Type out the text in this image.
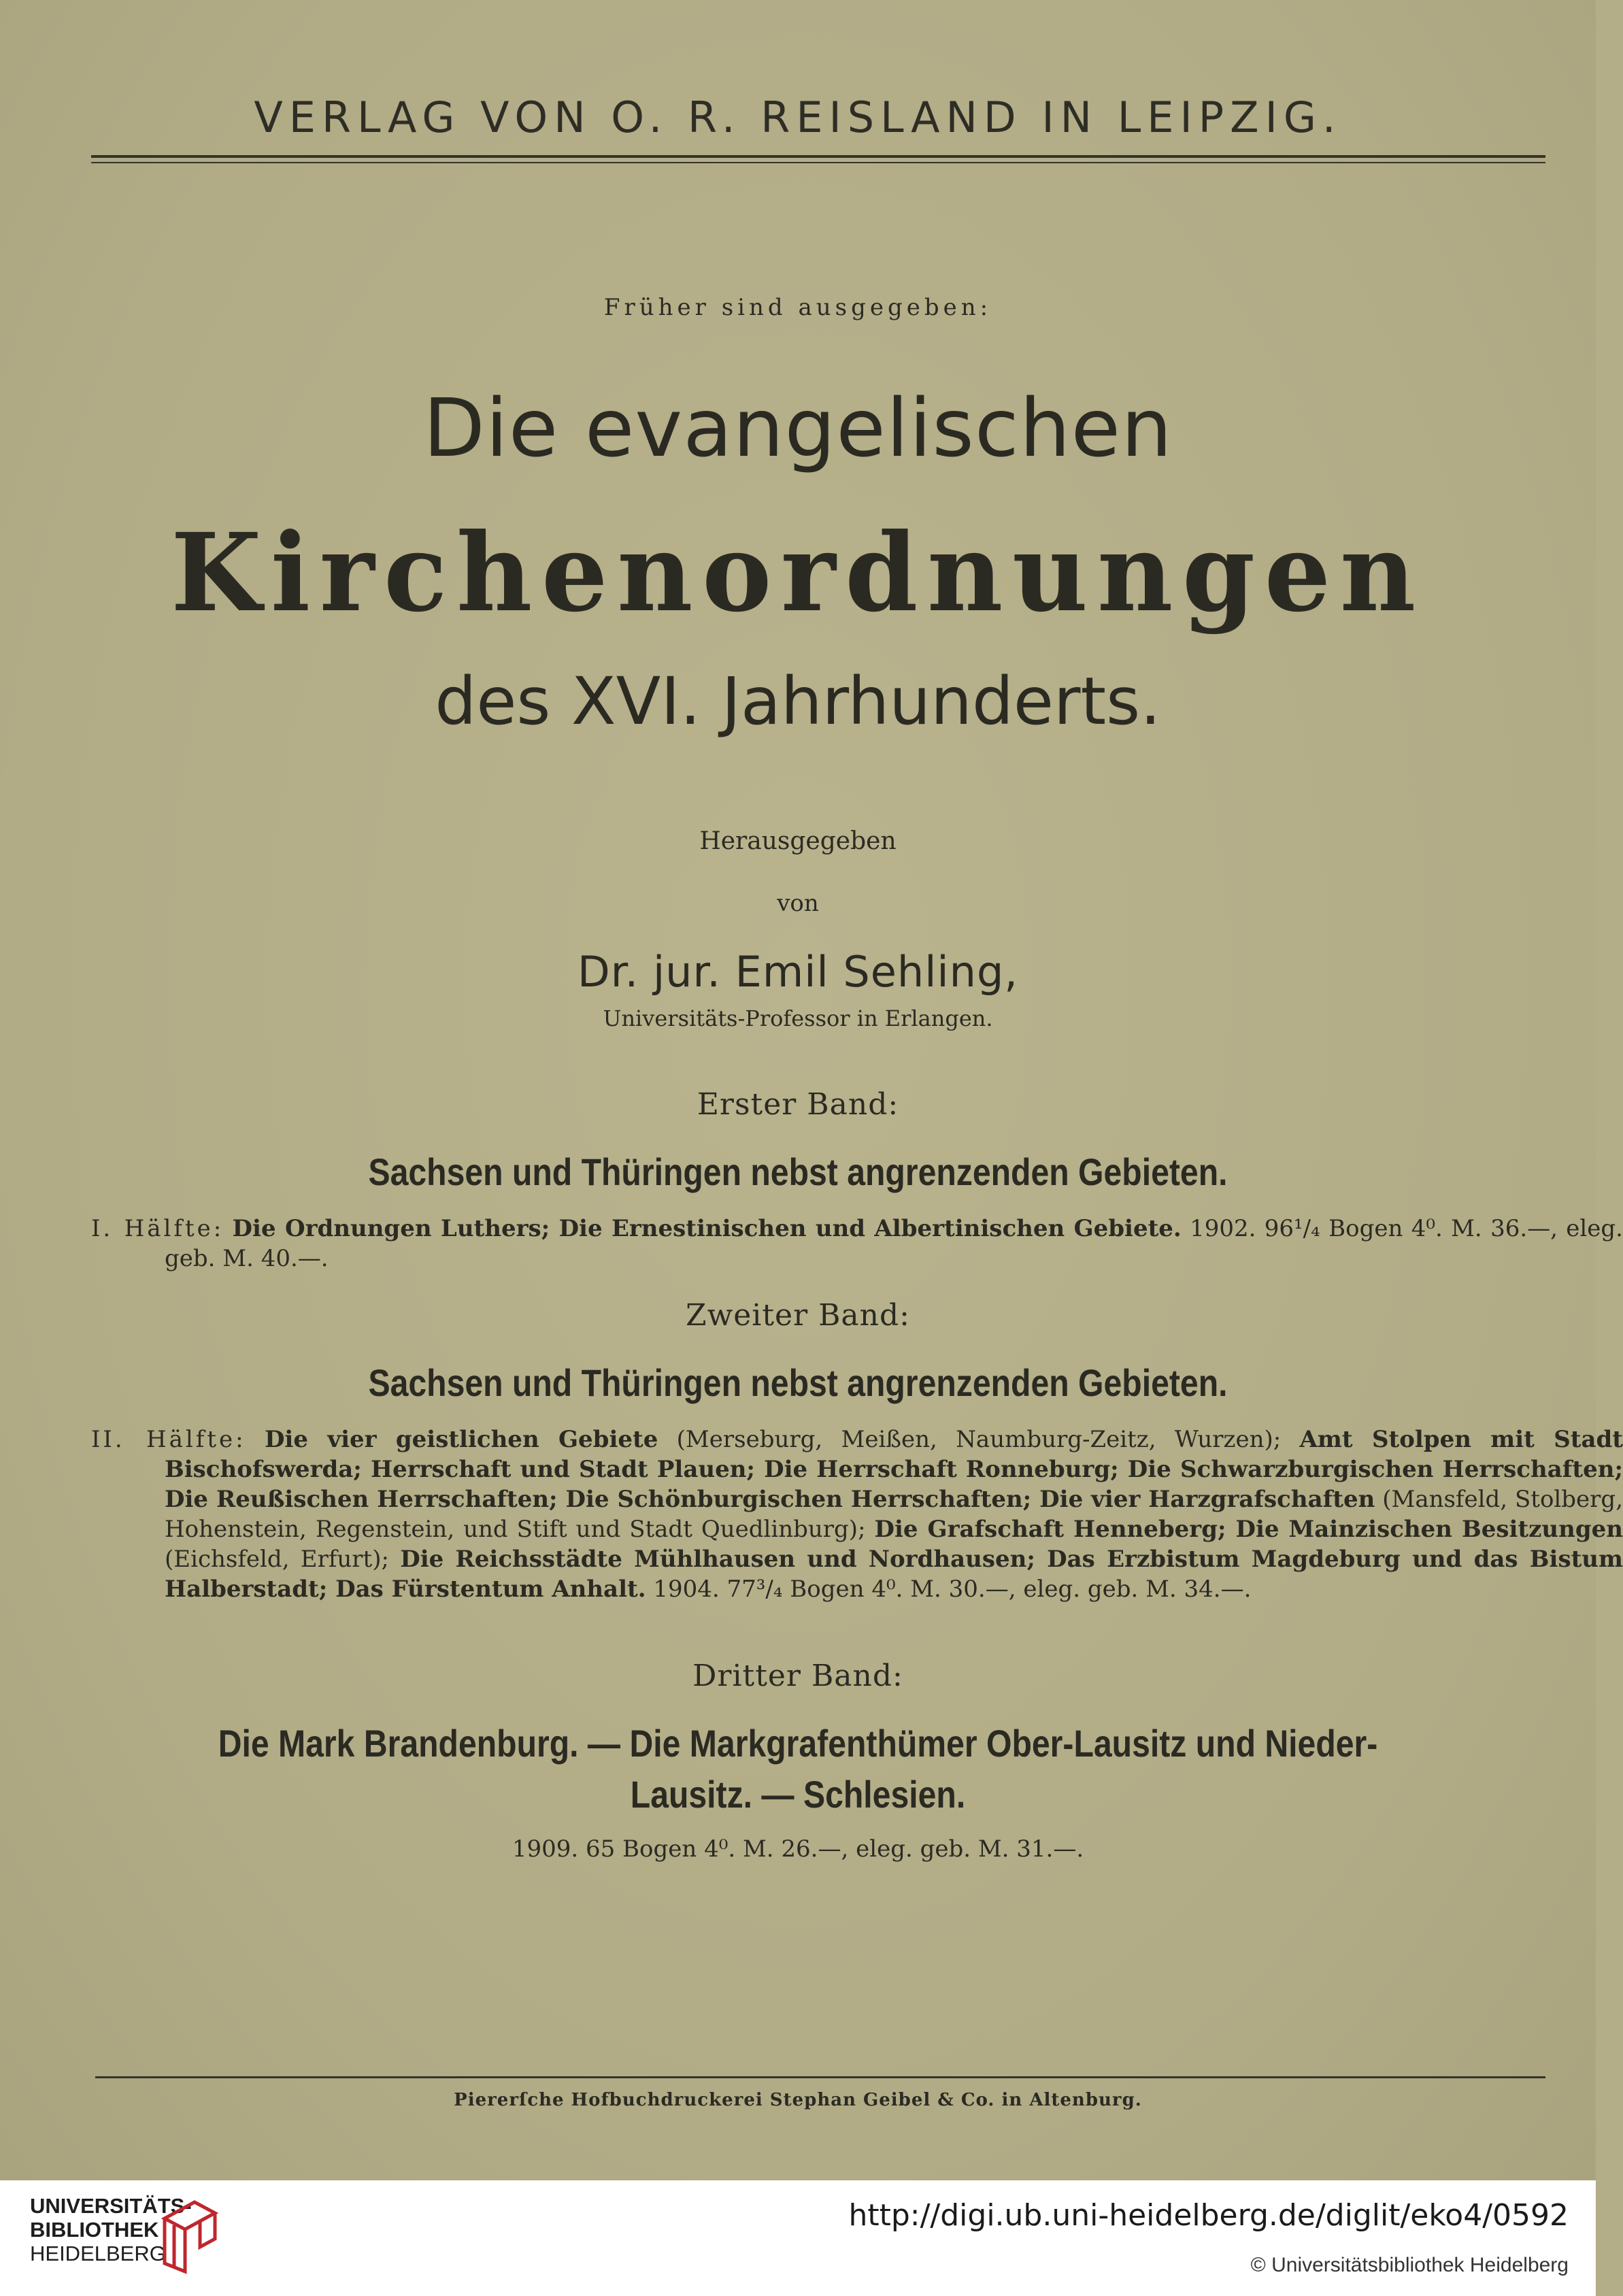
VERLAG VON O. R. REISLAND IN LEIPZIG.
Früher sind ausgegeben:
Die evangelischen
Kirchenordnungen
des XVI. Jahrhunderts.
Herausgegeben
von
Dr. jur. Emil Sehling,
Universitäts-Professor in Erlangen.
Erster Band:
Sachsen und Thüringen nebst angrenzenden Gebieten.
I. Hälfte: Die Ordnungen Luthers; Die Ernestinischen und Albertinischen Gebiete. 1902. 96¹/₄ Bogen 4⁰. M. 36.—, eleg. geb. M. 40.—.
Zweiter Band:
Sachsen und Thüringen nebst angrenzenden Gebieten.
II. Hälfte: Die vier geistlichen Gebiete (Merseburg, Meißen, Naumburg-Zeitz, Wurzen); Amt Stolpen mit Stadt Bischofswerda; Herrschaft und Stadt Plauen; Die Herrschaft Ronneburg; Die Schwarzburgischen Herrschaften; Die Reußischen Herrschaften; Die Schönburgischen Herrschaften; Die vier Harzgrafschaften (Mansfeld, Stolberg, Hohenstein, Regenstein, und Stift und Stadt Quedlinburg); Die Grafschaft Henneberg; Die Mainzischen Besitzungen (Eichsfeld, Erfurt); Die Reichsstädte Mühlhausen und Nordhausen; Das Erzbistum Magdeburg und das Bistum Halberstadt; Das Fürstentum Anhalt. 1904. 77³/₄ Bogen 4⁰. M. 30.—, eleg. geb. M. 34.—.
Dritter Band:
Die Mark Brandenburg. — Die Markgrafenthümer Ober-Lausitz und Nieder-
Lausitz. — Schlesien.
1909. 65 Bogen 4⁰. M. 26.—, eleg. geb. M. 31.—.
Piererſche Hofbuchdruckerei Stephan Geibel & Co. in Altenburg.
UNIVERSITÄTS-
BIBLIOTHEK
HEIDELBERG
http://digi.ub.uni-heidelberg.de/diglit/eko4/0592
© Universitätsbibliothek Heidelberg
